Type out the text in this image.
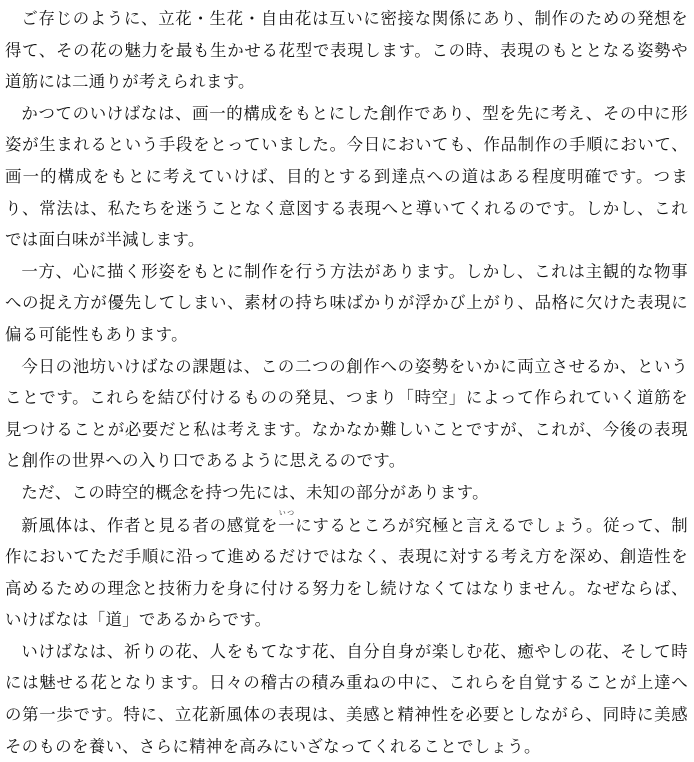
ご存じのように、立花・生花・自由花は互いに密接な関係にあり、制作のための発想を得て、その花の魅力を最も生かせる花型で表現します。この時、表現のもととなる姿勢や道筋には二通りが考えられます。

かつてのいけばなは、画一的構成をもとにした創作であり、型を先に考え、その中に形姿が生まれるという手段をとっていました。今日においても、作品制作の手順において、画一的構成をもとに考えていけば、目的とする到達点への道はある程度明確です。つまり、常法は、私たちを迷うことなく意図する表現へと導いてくれるのです。しかし、これでは面白味が半減します。

一方、心に描く形姿をもとに制作を行う方法があります。しかし、これは主観的な物事への捉え方が優先してしまい、素材の持ち味ばかりが浮かび上がり、品格に欠けた表現に偏る可能性もあります。

今日の池坊いけばなの課題は、この二つの創作への姿勢をいかに両立させるか、ということです。これらを結び付けるものの発見、つまり「時空」によって作られていく道筋を見つけることが必要だと私は考えます。なかなか難しいことですが、これが、今後の表現と創作の世界への入り口であるように思えるのです。

ただ、この時空的概念を持つ先には、未知の部分があります。

新風体は、作者と見る者の感覚を一いつにするところが究極と言えるでしょう。従って、制作においてただ手順に沿って進めるだけではなく、表現に対する考え方を深め、創造性を高めるための理念と技術力を身に付ける努力をし続けなくてはなりません。なぜならば、いけばなは「道」であるからです。

いけばなは、祈りの花、人をもてなす花、自分自身が楽しむ花、癒やしの花、そして時には魅せる花となります。日々の稽古の積み重ねの中に、これらを自覚することが上達への第一歩です。特に、立花新風体の表現は、美感と精神性を必要としながら、同時に美感そのものを養い、さらに精神を高みにいざなってくれることでしょう。
